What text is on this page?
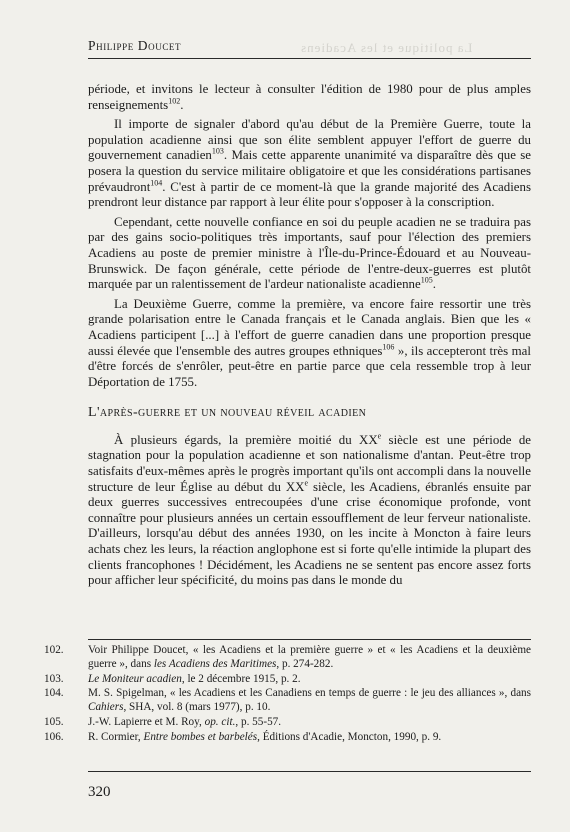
La politique et les Acadiens
Philippe Doucet

période, et invitons le lecteur à consulter l'édition de 1980 pour de plus amples renseignements$^{102}$.

Il importe de signaler d'abord qu'au début de la Première Guerre, toute la population acadienne ainsi que son élite semblent appuyer l'effort de guerre du gouvernement canadien$^{103}$. Mais cette apparente unanimité va disparaître dès que se posera la question du service militaire obligatoire et que les considérations partisanes prévaudront$^{104}$. C'est à partir de ce moment-là que la grande majorité des Acadiens prendront leur distance par rapport à leur élite pour s'opposer à la conscription.

Cependant, cette nouvelle confiance en soi du peuple acadien ne se traduira pas par des gains socio-politiques très importants, sauf pour l'élection des premiers Acadiens au poste de premier ministre à l'Île-du-Prince-Édouard et au Nouveau-Brunswick. De façon générale, cette période de l'entre-deux-guerres est plutôt marquée par un ralentissement de l'ardeur nationaliste acadienne$^{105}$.

La Deuxième Guerre, comme la première, va encore faire ressortir une très grande polarisation entre le Canada français et le Canada anglais. Bien que les « Acadiens participent [...] à l'effort de guerre canadien dans une proportion presque aussi élevée que l'ensemble des autres groupes ethniques$^{106}$ », ils accepteront très mal d'être forcés de s'enrôler, peut-être en partie parce que cela ressemble trop à leur Déportation de 1755.

L'après-guerre et un nouveau réveil acadien

À plusieurs égards, la première moitié du XXe siècle est une période de stagnation pour la population acadienne et son nationalisme d'antan. Peut-être trop satisfaits d'eux-mêmes après le progrès important qu'ils ont accompli dans la nouvelle structure de leur Église au début du XXe siècle, les Acadiens, ébranlés ensuite par deux guerres successives entrecoupées d'une crise économique profonde, vont connaître pour plusieurs années un certain essoufflement de leur ferveur nationaliste. D'ailleurs, lorsqu'au début des années 1930, on les incite à Moncton à faire leurs achats chez les leurs, la réaction anglophone est si forte qu'elle intimide la plupart des clients francophones ! Décidément, les Acadiens ne se sentent pas encore assez forts pour afficher leur spécificité, du moins pas dans le monde du

102.	Voir Philippe Doucet, « les Acadiens et la première guerre » et « les Acadiens et la deuxième guerre », dans les Acadiens des Maritimes, p. 274-282.
103.	Le Moniteur acadien, le 2 décembre 1915, p. 2.
104.	M. S. Spigelman, « les Acadiens et les Canadiens en temps de guerre : le jeu des alliances », dans Cahiers, SHA, vol. 8 (mars 1977), p. 10.
105.	J.-W. Lapierre et M. Roy, op. cit., p. 55-57.
106.	R. Cormier, Entre bombes et barbelés, Éditions d'Acadie, Moncton, 1990, p. 9.
320
